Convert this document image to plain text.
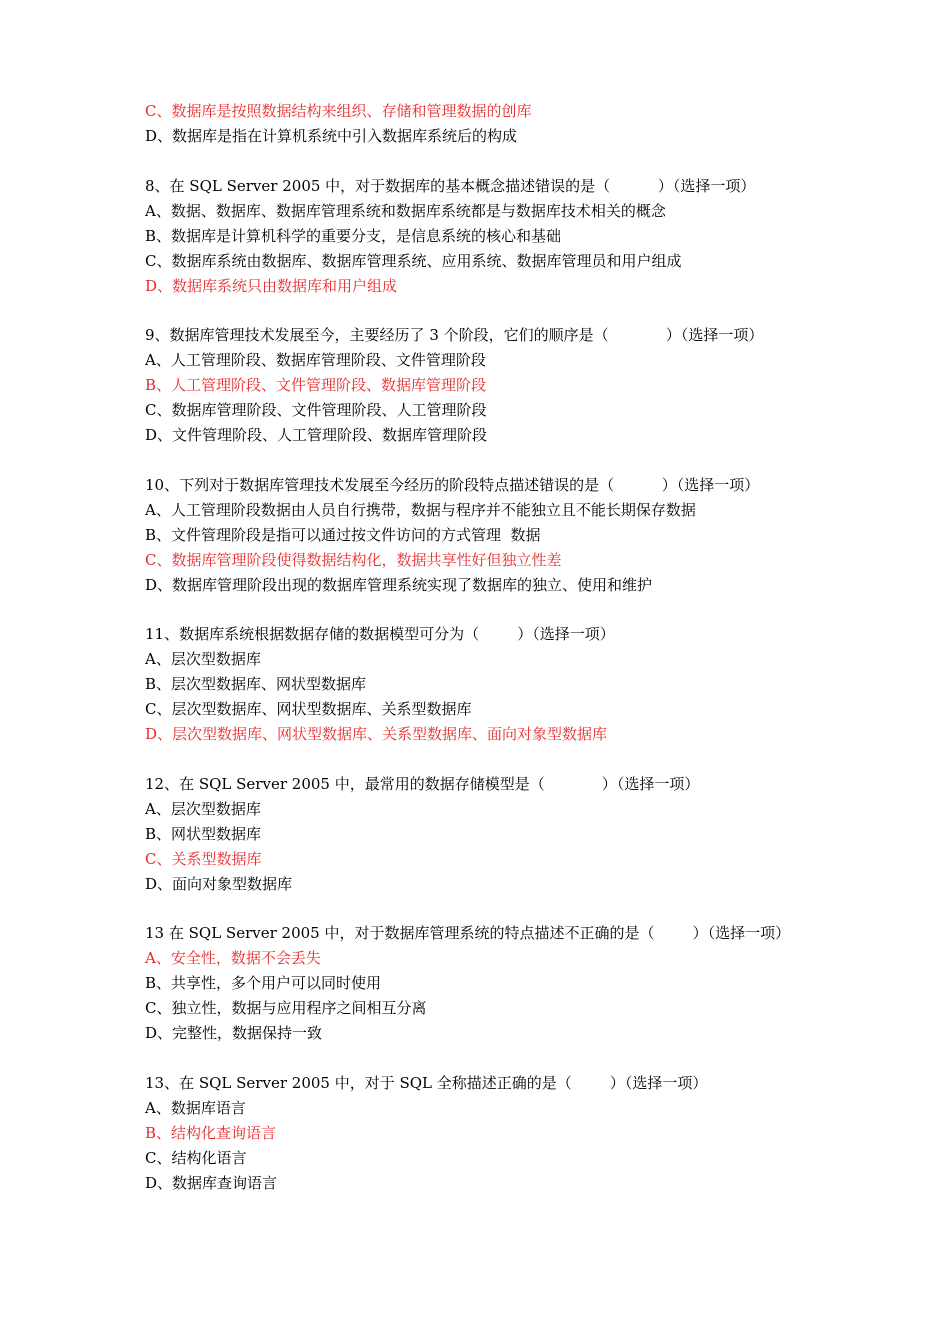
C、数据库是按照数据结构来组织、存储和管理数据的创库
D、数据库是指在计算机系统中引入数据库系统后的构成
8、在 SQL Server 2005 中，对于数据库的基本概念描述错误的是（          ）（选择一项）
A、数据、数据库、数据库管理系统和数据库系统都是与数据库技术相关的概念
B、数据库是计算机科学的重要分支，是信息系统的核心和基础
C、数据库系统由数据库、数据库管理系统、应用系统、数据库管理员和用户组成
D、数据库系统只由数据库和用户组成
9、数据库管理技术发展至今，主要经历了 3 个阶段，它们的顺序是（            ）（选择一项）
A、人工管理阶段、数据库管理阶段、文件管理阶段
B、人工管理阶段、文件管理阶段、数据库管理阶段
C、数据库管理阶段、文件管理阶段、人工管理阶段
D、文件管理阶段、人工管理阶段、数据库管理阶段
10、下列对于数据库管理技术发展至今经历的阶段特点描述错误的是（          ）（选择一项）
A、人工管理阶段数据由人员自行携带，数据与程序并不能独立且不能长期保存数据
B、文件管理阶段是指可以通过按文件访问的方式管理  数据
C、数据库管理阶段使得数据结构化，数据共享性好但独立性差
D、数据库管理阶段出现的数据库管理系统实现了数据库的独立、使用和维护
11、数据库系统根据数据存储的数据模型可分为（        ）（选择一项）
A、层次型数据库
B、层次型数据库、网状型数据库
C、层次型数据库、网状型数据库、关系型数据库
D、层次型数据库、网状型数据库、关系型数据库、面向对象型数据库
12、在 SQL Server 2005 中，最常用的数据存储模型是（            ）（选择一项）
A、层次型数据库
B、网状型数据库
C、关系型数据库
D、面向对象型数据库
13 在 SQL Server 2005 中，对于数据库管理系统的特点描述不正确的是（        ）（选择一项）
A、安全性，数据不会丢失
B、共享性，多个用户可以同时使用
C、独立性，数据与应用程序之间相互分离
D、完整性，数据保持一致
13、在 SQL Server 2005 中，对于 SQL 全称描述正确的是（        ）（选择一项）
A、数据库语言
B、结构化查询语言
C、结构化语言
D、数据库查询语言
